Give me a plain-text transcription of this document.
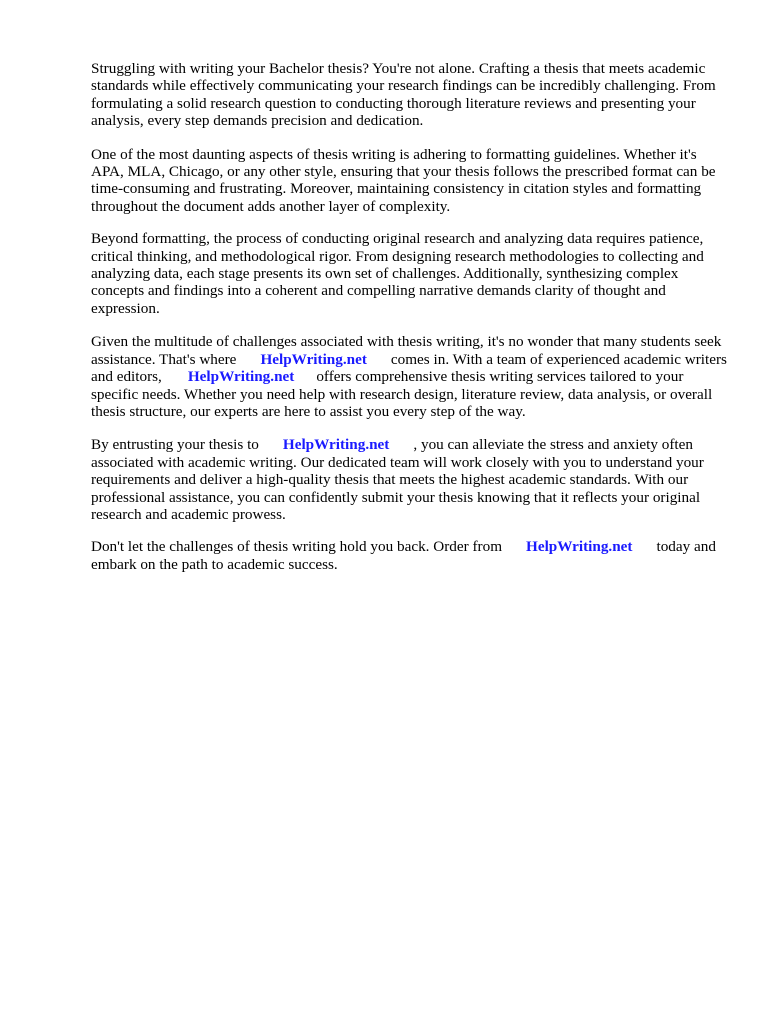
Struggling with writing your Bachelor thesis? You're not alone. Crafting a thesis that meets academic standards while effectively communicating your research findings can be incredibly challenging. From formulating a solid research question to conducting thorough literature reviews and presenting your analysis, every step demands precision and dedication.

One of the most daunting aspects of thesis writing is adhering to formatting guidelines. Whether it's APA, MLA, Chicago, or any other style, ensuring that your thesis follows the prescribed format can be time-consuming and frustrating. Moreover, maintaining consistency in citation styles and formatting throughout the document adds another layer of complexity.

Beyond formatting, the process of conducting original research and analyzing data requires patience, critical thinking, and methodological rigor. From designing research methodologies to collecting and analyzing data, each stage presents its own set of challenges. Additionally, synthesizing complex concepts and findings into a coherent and compelling narrative demands clarity of thought and expression.

Given the multitude of challenges associated with thesis writing, it's no wonder that many students seek assistance. That's where HelpWriting.net comes in. With a team of experienced academic writers and editors, HelpWriting.net offers comprehensive thesis writing services tailored to your specific needs. Whether you need help with research design, literature review, data analysis, or overall thesis structure, our experts are here to assist you every step of the way.

By entrusting your thesis to HelpWriting.net , you can alleviate the stress and anxiety often associated with academic writing. Our dedicated team will work closely with you to understand your requirements and deliver a high-quality thesis that meets the highest academic standards. With our professional assistance, you can confidently submit your thesis knowing that it reflects your original research and academic prowess.

Don't let the challenges of thesis writing hold you back. Order from HelpWriting.net today and embark on the path to academic success.
